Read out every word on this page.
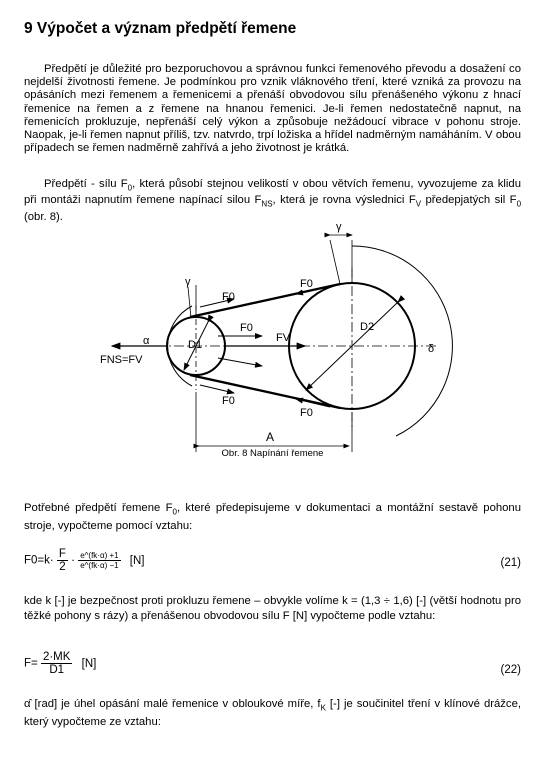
9 Výpočet a význam předpětí řemene

Předpětí je důležité pro bezporuchovou a správnou funkci řemenového převodu a dosažení co nejdelší životnosti řemene. Je podmínkou pro vznik vláknového tření, které vzniká za provozu na opásáních mezi řemenem a řemenicemi a přenáší obvodovou sílu přenášeného výkonu z hnací řemenice na řemen a z řemene na hnanou řemenici. Je-li řemen nedostatečně napnut, na řemenicích prokluzuje, nepřenáší celý výkon a způsobuje nežádoucí vibrace v pohonu stroje. Naopak, je-li řemen napnut příliš, tzv. natvrdo, trpí ložiska a hřídel nadměrným namáháním. V obou případech se řemen nadměrně zahřívá a jeho životnost je krátká.

Předpětí - sílu $F_0$, která působí stejnou velikostí v obou větvích řemenu, vyvozujeme za klidu při montáži napnutím řemene napínací silou $F_{NS}$, která je rovna výslednici $F_V$ předepjatých sil $F_0$ (obr. 8).

F0
F0
F0
F0
F0
FV
FNS=FV
D1
D2
α
γ
γ
δ
A
Obr. 8 Napínání řemene

Potřebné předpětí řemene $F_0$, které předepisujeme v dokumentaci a montážní sestavě pohonu stroje, vypočteme pomocí vztahu:

$F0=k\cdot \frac{F}{2} \cdot \frac{e\^{}(fk\cdot\alpha) +1}{e\^{}(fk\cdot\alpha) -1} [N]$	(21)

kde k [-] je bezpečnost proti prokluzu řemene – obvykle volíme k = (1,3 ÷ 1,6) [-] (větší hodnotu pro těžké pohony s rázy) a přenášenou obvodovou sílu F [N] vypočteme podle vztahu:

$F= \frac{2\cdot MK}{D1} [N]$
(22)

α̂ [rad] je úhel opásání malé řemenice v obloukové míře, $f_K$ [-] je součinitel tření v klínové drážce, který vypočteme ze vztahu:
